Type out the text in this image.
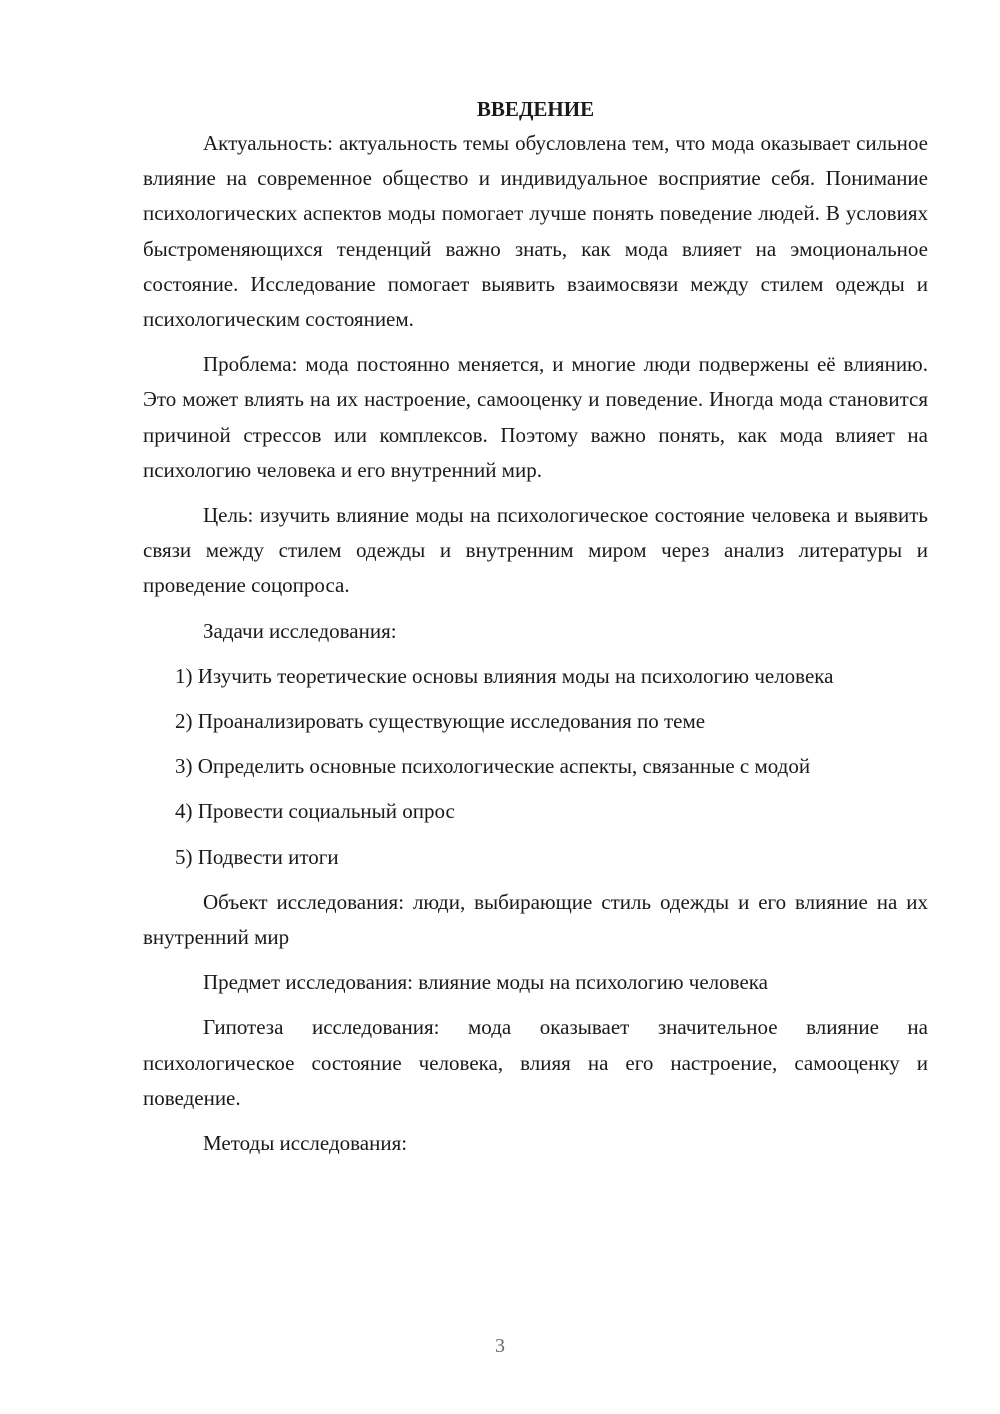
ВВЕДЕНИЕ

Актуальность: актуальность темы обусловлена тем, что мода оказывает сильное влияние на современное общество и индивидуальное восприятие себя. Понимание психологических аспектов моды помогает лучше понять поведение людей. В условиях быстроменяющихся тенденций важно знать, как мода влияет на эмоциональное состояние. Исследование помогает выявить взаимосвязи между стилем одежды и психологическим состоянием.

Проблема: мода постоянно меняется, и многие люди подвержены её влиянию. Это может влиять на их настроение, самооценку и поведение. Иногда мода становится причиной стрессов или комплексов. Поэтому важно понять, как мода влияет на психологию человека и его внутренний мир.

Цель: изучить влияние моды на психологическое состояние человека и выявить связи между стилем одежды и внутренним миром через анализ литературы и проведение соцопроса.

Задачи исследования:

1) Изучить теоретические основы влияния моды на психологию человека

2) Проанализировать существующие исследования по теме

3) Определить основные психологические аспекты, связанные с модой

4) Провести социальный опрос

5) Подвести итоги

Объект исследования: люди, выбирающие стиль одежды и его влияние на их внутренний мир

Предмет исследования: влияние моды на психологию человека

Гипотеза исследования: мода оказывает значительное влияние на психологическое состояние человека, влияя на его настроение, самооценку и поведение.

Методы исследования:

3
